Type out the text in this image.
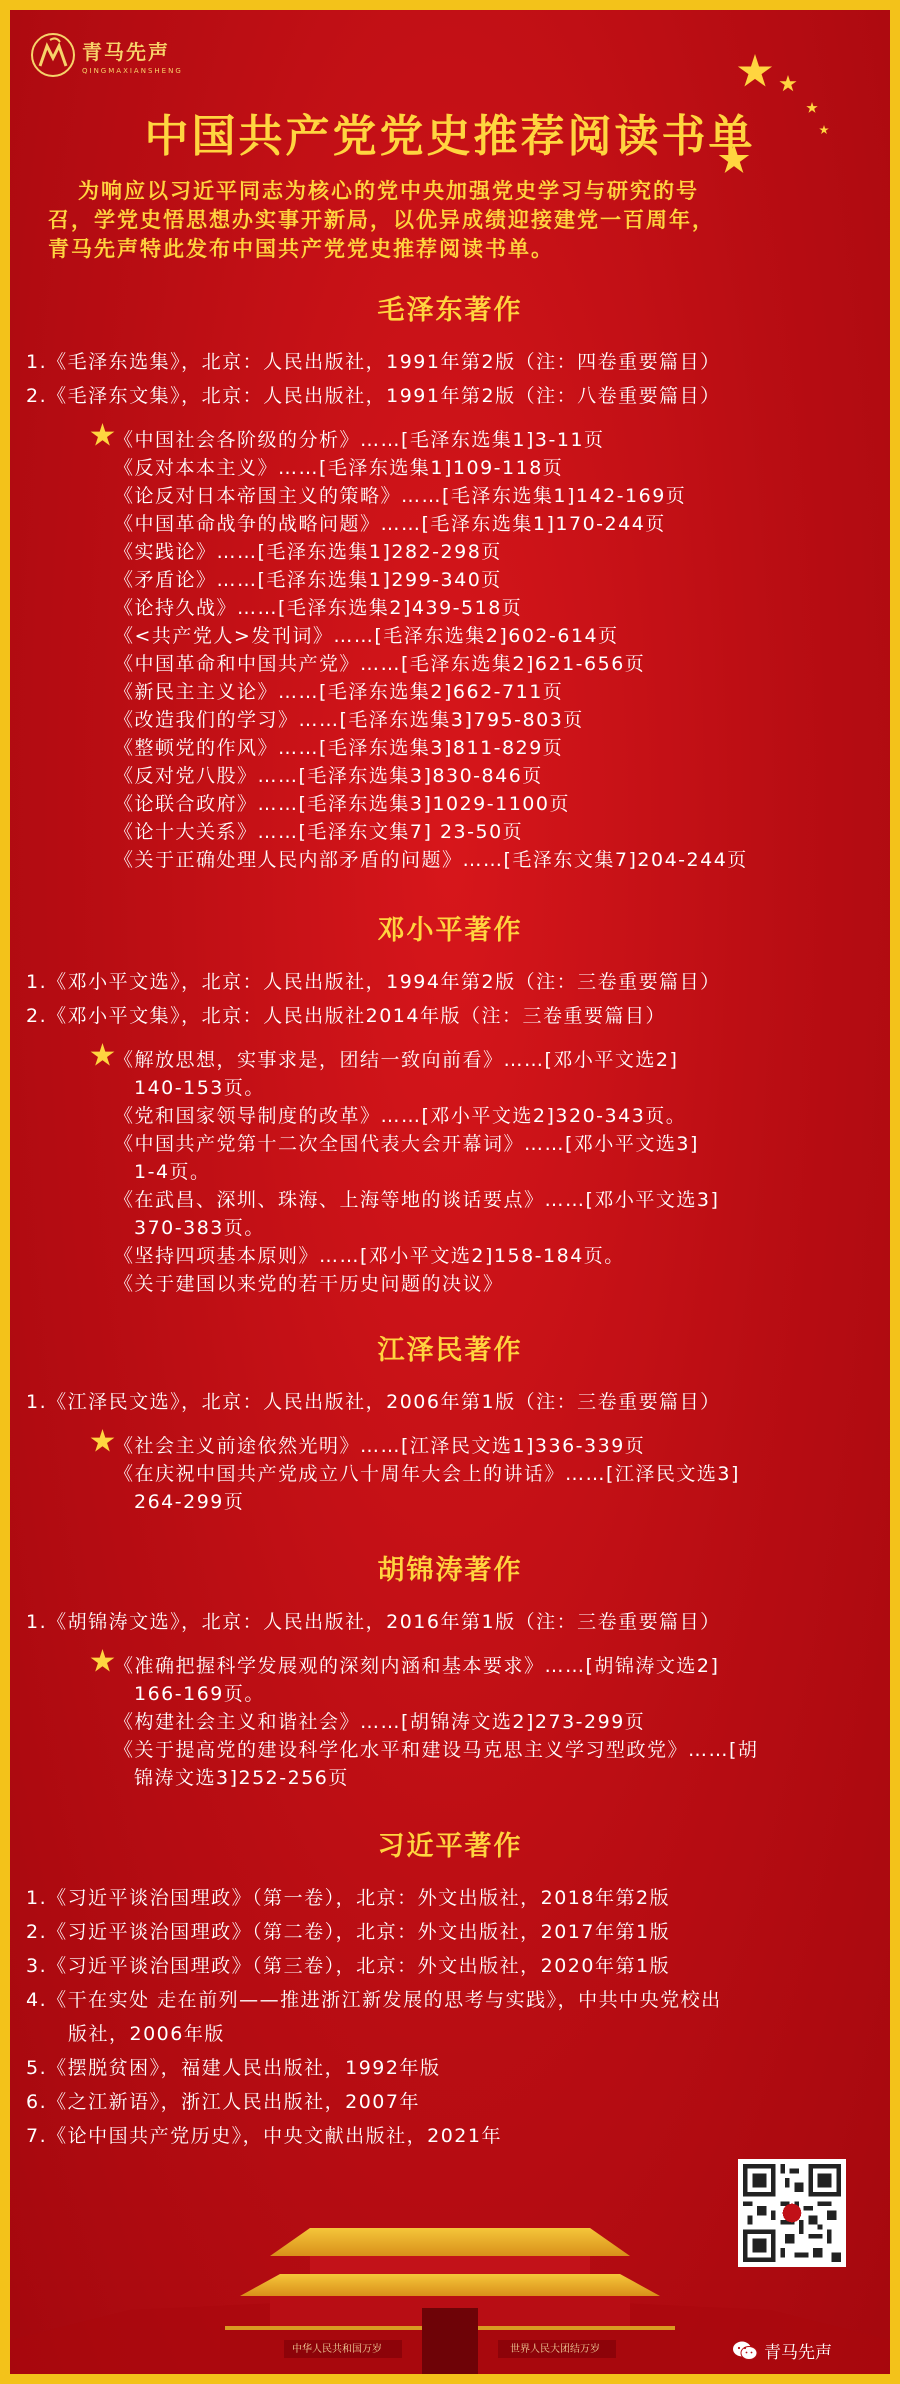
青马先声
QINGMAXIANSHENG
中国共产党党史推荐阅读书单
为响应以习近平同志为核心的党中央加强党史学习与研究的号
召，学党史悟思想办实事开新局，以优异成绩迎接建党一百周年，
青马先声特此发布中国共产党党史推荐阅读书单。
毛泽东著作
1.《毛泽东选集》，北京：人民出版社，1991年第2版（注：四卷重要篇目）
2.《毛泽东文集》，北京：人民出版社，1991年第2版（注：八卷重要篇目）
《中国社会各阶级的分析》……[毛泽东选集1]3-11页
《反对本本主义》……[毛泽东选集1]109-118页
《论反对日本帝国主义的策略》……[毛泽东选集1]142-169页
《中国革命战争的战略问题》……[毛泽东选集1]170-244页
《实践论》……[毛泽东选集1]282-298页
《矛盾论》……[毛泽东选集1]299-340页
《论持久战》……[毛泽东选集2]439-518页
《<共产党人>发刊词》……[毛泽东选集2]602-614页
《中国革命和中国共产党》……[毛泽东选集2]621-656页
《新民主主义论》……[毛泽东选集2]662-711页
《改造我们的学习》……[毛泽东选集3]795-803页
《整顿党的作风》……[毛泽东选集3]811-829页
《反对党八股》……[毛泽东选集3]830-846页
《论联合政府》……[毛泽东选集3]1029-1100页
《论十大关系》……[毛泽东文集7] 23-50页
《关于正确处理人民内部矛盾的问题》……[毛泽东文集7]204-244页
邓小平著作
1.《邓小平文选》，北京：人民出版社，1994年第2版（注：三卷重要篇目）
2.《邓小平文集》，北京：人民出版社2014年版（注：三卷重要篇目）
《解放思想，实事求是，团结一致向前看》……[邓小平文选2]
140-153页。
《党和国家领导制度的改革》……[邓小平文选2]320-343页。
《中国共产党第十二次全国代表大会开幕词》……[邓小平文选3]
1-4页。
《在武昌、深圳、珠海、上海等地的谈话要点》……[邓小平文选3]
370-383页。
《坚持四项基本原则》……[邓小平文选2]158-184页。
《关于建国以来党的若干历史问题的决议》
江泽民著作
1.《江泽民文选》，北京：人民出版社，2006年第1版（注：三卷重要篇目）
《社会主义前途依然光明》……[江泽民文选1]336-339页
《在庆祝中国共产党成立八十周年大会上的讲话》……[江泽民文选3]
264-299页
胡锦涛著作
1.《胡锦涛文选》，北京：人民出版社，2016年第1版（注：三卷重要篇目）
《准确把握科学发展观的深刻内涵和基本要求》……[胡锦涛文选2]
166-169页。
《构建社会主义和谐社会》……[胡锦涛文选2]273-299页
《关于提高党的建设科学化水平和建设马克思主义学习型政党》……[胡
锦涛文选3]252-256页
习近平著作
1.《习近平谈治国理政》（第一卷），北京：外文出版社，2018年第2版
2.《习近平谈治国理政》（第二卷），北京：外文出版社，2017年第1版
3.《习近平谈治国理政》（第三卷），北京：外文出版社，2020年第1版
4.《干在实处 走在前列——推进浙江新发展的思考与实践》，中共中央党校出
版社，2006年版
5.《摆脱贫困》，福建人民出版社，1992年版
6.《之江新语》，浙江人民出版社，2007年
7.《论中国共产党历史》，中央文献出版社，2021年
中华人民共和国万岁	世界人民大团结万岁	青马先声
